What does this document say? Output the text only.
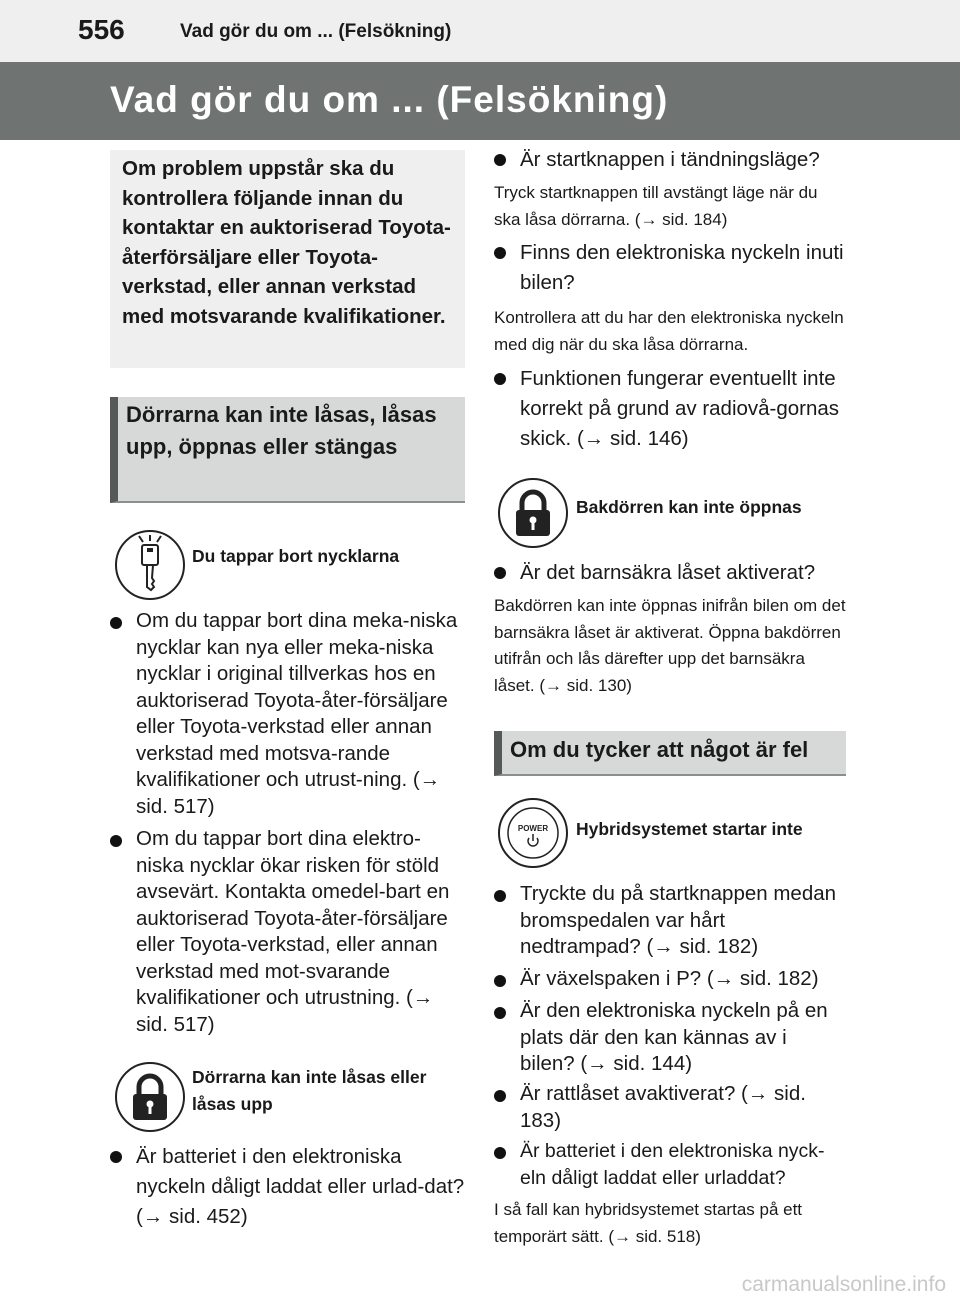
556	Vad gör du om ... (Felsökning)
Vad gör du om ... (Felsökning)

Om problem uppstår ska du kontrollera följande innan du kontaktar en auktoriserad Toyota-återförsäljare eller Toyota-verkstad, eller annan verkstad med motsvarande kvalifikationer.

Dörrarna kan inte låsas, låsas upp, öppnas eller stängas
Du tappar bort nycklarna
Om du tappar bort dina meka-niska nycklar kan nya eller meka-niska nycklar i original tillverkas hos en auktoriserad Toyota-åter-försäljare eller Toyota-verkstad eller annan verkstad med motsva-rande kvalifikationer och utrust-ning. (→ sid. 517)
Om du tappar bort dina elektro-niska nycklar ökar risken för stöld avsevärt. Kontakta omedel-bart en auktoriserad Toyota-åter-försäljare eller Toyota-verkstad, eller annan verkstad med mot-svarande kvalifikationer och utrustning. (→ sid. 517)
Dörrarna kan inte låsas eller låsas upp
Är batteriet i den elektroniska nyckeln dåligt laddat eller urlad-dat? (→ sid. 452)
Är startknappen i tändningsläge?
Tryck startknappen till avstängt läge när du ska låsa dörrarna. (→ sid. 184)
Finns den elektroniska nyckeln inuti bilen?
Kontrollera att du har den elektroniska nyckeln med dig när du ska låsa dörrarna.
Funktionen fungerar eventuellt inte korrekt på grund av radiovå-gornas skick. (→ sid. 146)
Bakdörren kan inte öppnas
Är det barnsäkra låset aktiverat?
Bakdörren kan inte öppnas inifrån bilen om det barnsäkra låset är aktiverat. Öppna bakdörren utifrån och lås därefter upp det barnsäkra låset. (→ sid. 130)
Om du tycker att något är fel
POWER Hybridsystemet startar inte
Tryckte du på startknappen medan bromspedalen var hårt nedtrampad? (→ sid. 182)
Är växelspaken i P? (→ sid. 182)
Är den elektroniska nyckeln på en plats där den kan kännas av i bilen? (→ sid. 144)
Är rattlåset avaktiverat? (→ sid. 183)
Är batteriet i den elektroniska nyck-eln dåligt laddat eller urladdat?
I så fall kan hybridsystemet startas på ett temporärt sätt. (→ sid. 518)
carmanualsonline.info
